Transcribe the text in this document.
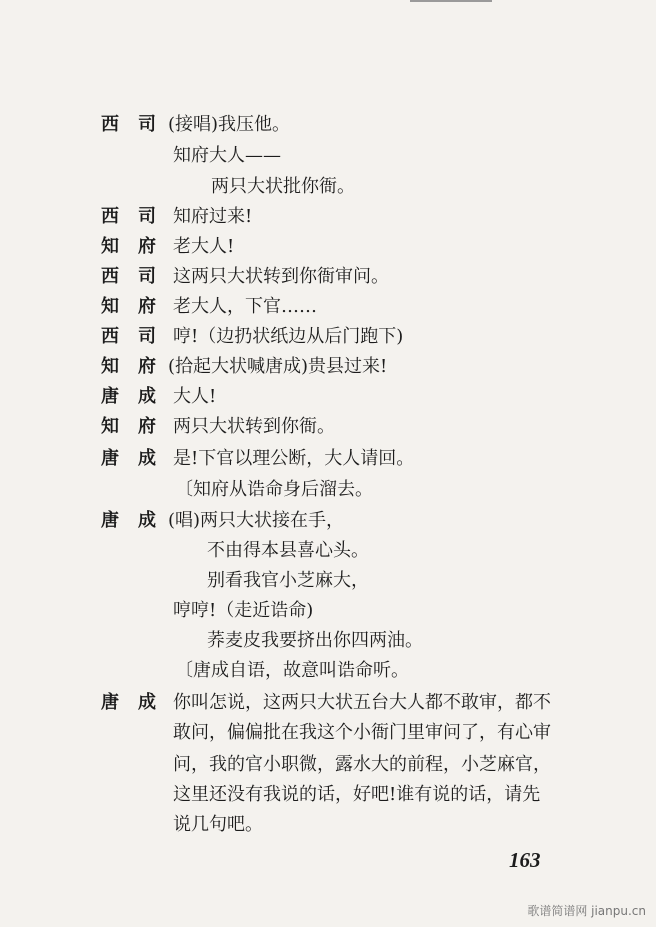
西司
(接唱)我压他。
知府大人——
两只大状批你衙。
西司
知府过来!
知府
老大人!
西司
这两只大状转到你衙审问。
知府
老大人，下官……
西司
哼!（边扔状纸边从后门跑下)
知府
(拾起大状喊唐成)贵县过来!
唐成
大人!
知府
两只大状转到你衙。
唐成
是!下官以理公断，大人请回。
〔知府从诰命身后溜去。
唐成
(唱)两只大状接在手，
不由得本县喜心头。
别看我官小芝麻大，
哼哼!（走近诰命)
荞麦皮我要挤出你四两油。
〔唐成自语，故意叫诰命听。
唐成
你叫怎说，这两只大状五台大人都不敢审，都不
敢问，偏偏批在我这个小衙门里审问了，有心审
问，我的官小职微，露水大的前程，小芝麻官，
这里还没有我说的话，好吧!谁有说的话，请先
说几句吧。
163
歌谱简谱网 jianpu.cn
